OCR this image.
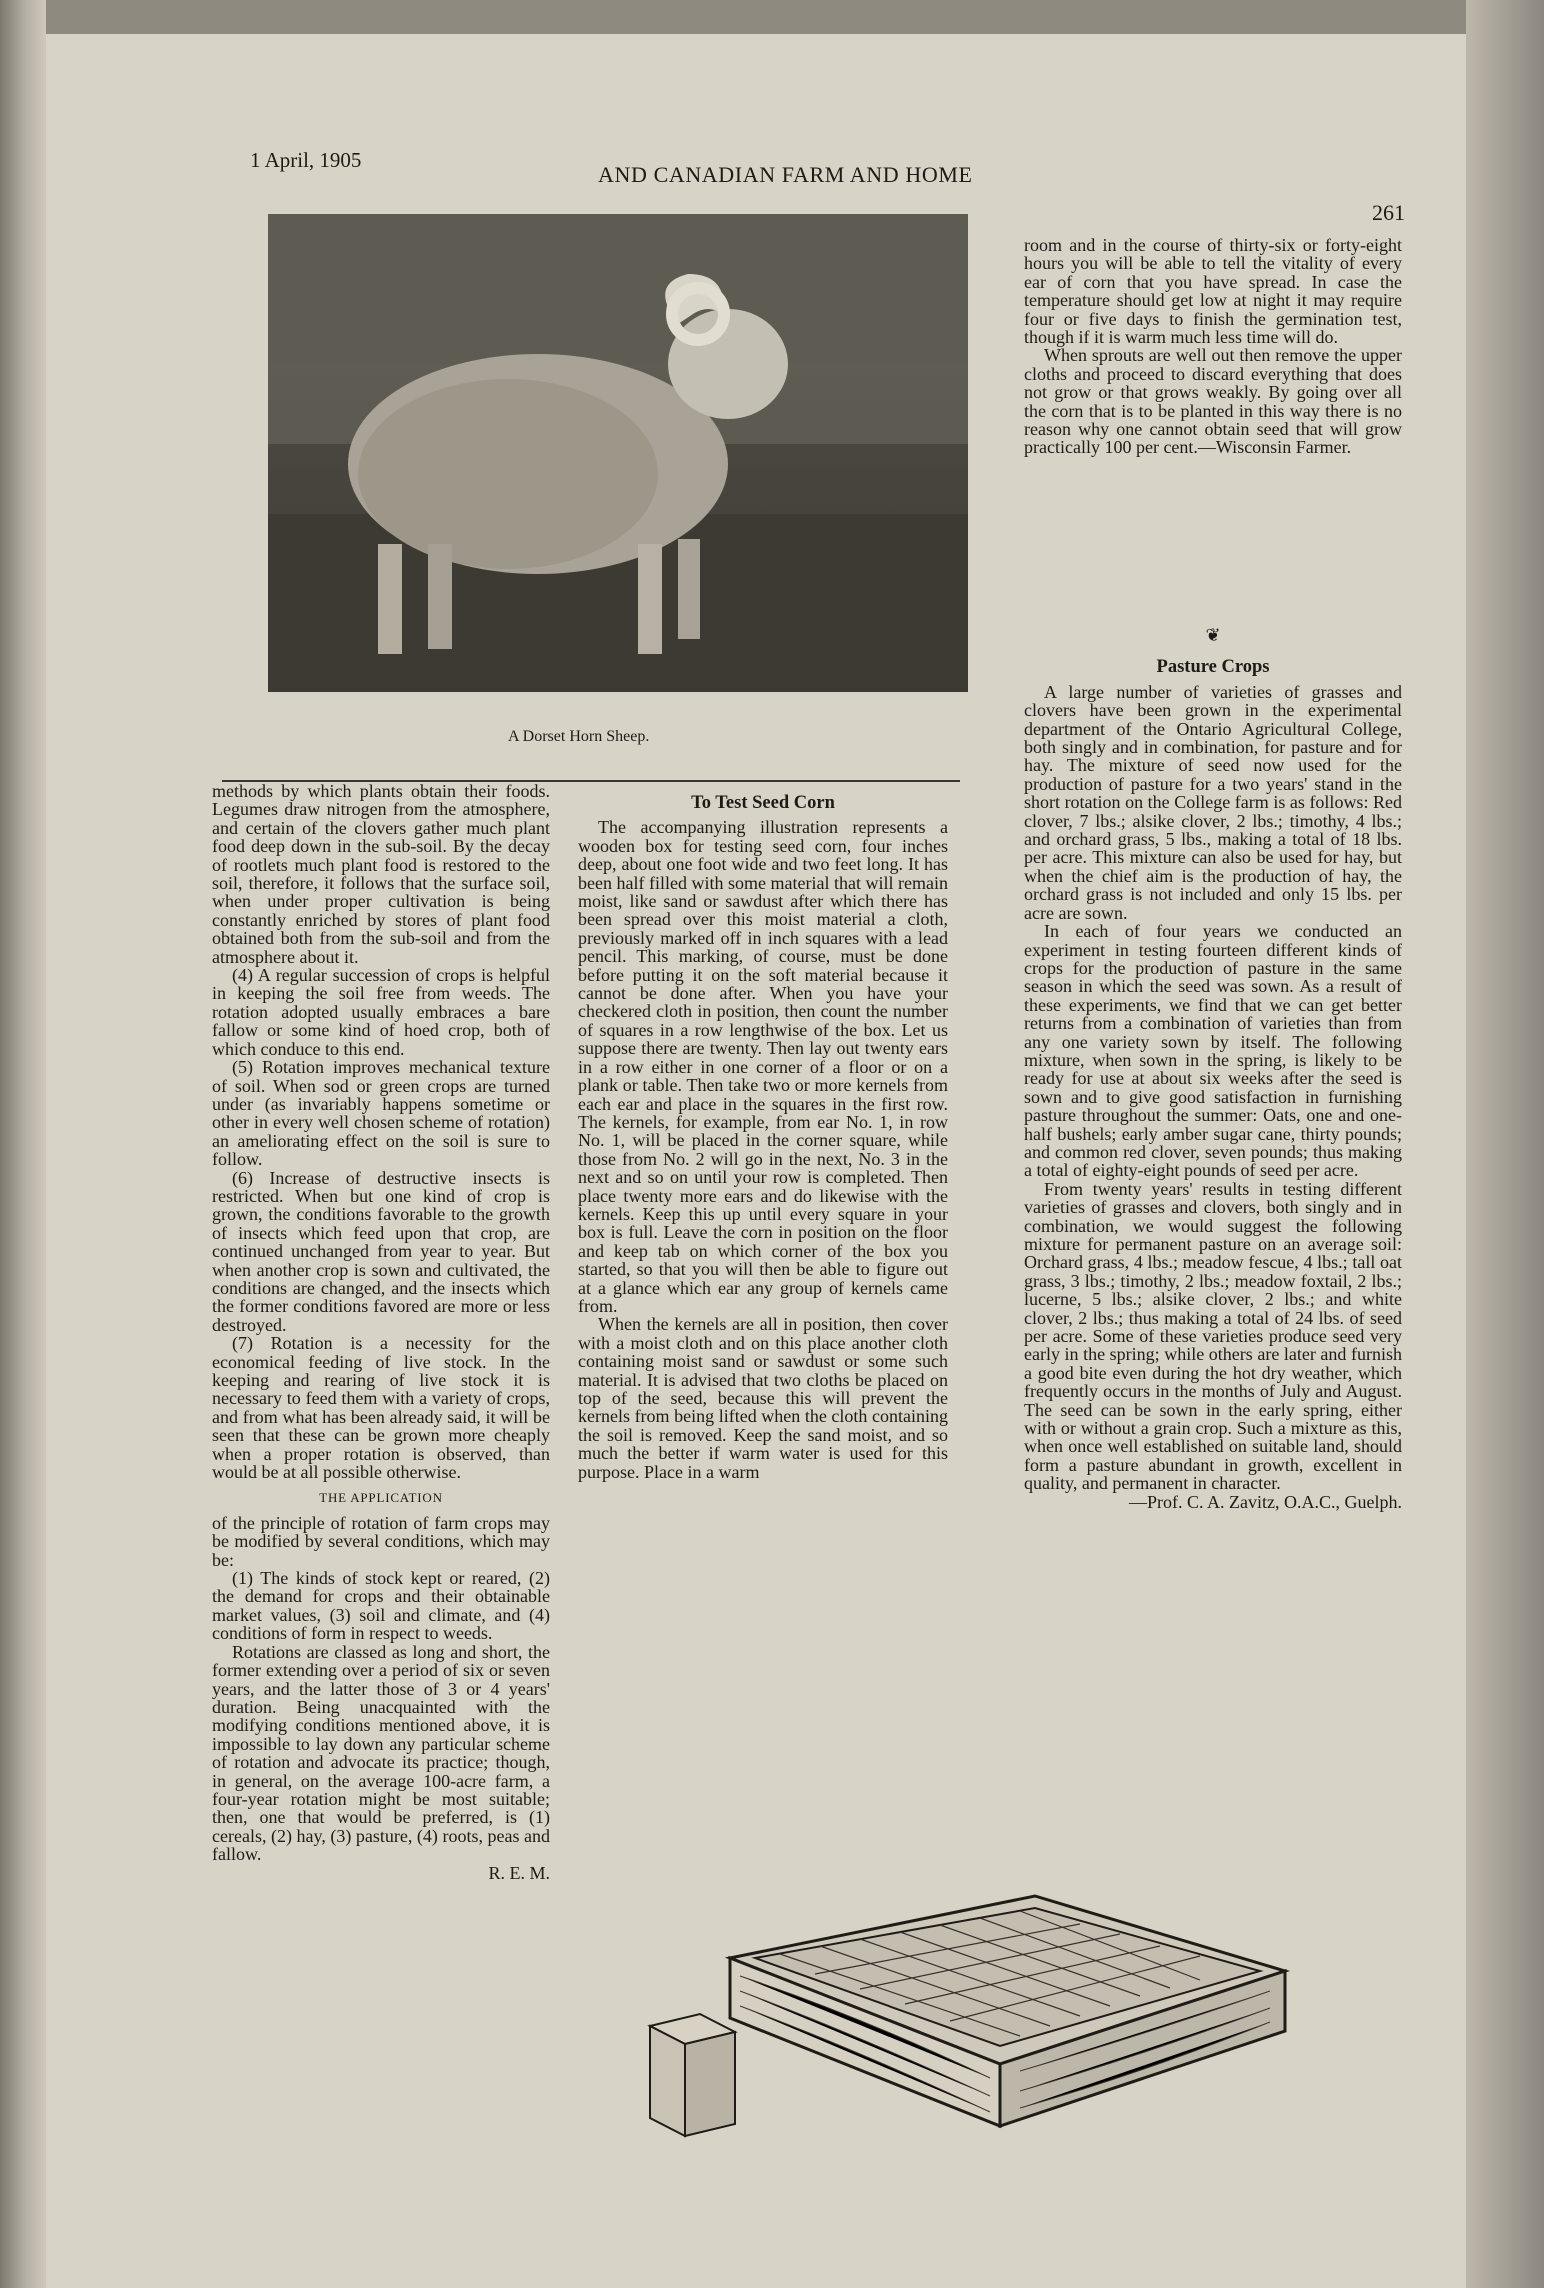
1 April, 1905
AND CANADIAN FARM AND HOME
261
A Dorset Horn Sheep.

methods by which plants obtain their foods. Legumes draw nitrogen from the atmosphere, and certain of the clovers gather much plant food deep down in the sub-soil. By the decay of rootlets much plant food is restored to the soil, therefore, it follows that the surface soil, when under proper cultivation is being constantly enriched by stores of plant food obtained both from the sub-soil and from the atmosphere about it.

(4) A regular succession of crops is helpful in keeping the soil free from weeds. The rotation adopted usually embraces a bare fallow or some kind of hoed crop, both of which conduce to this end.

(5) Rotation improves mechanical texture of soil. When sod or green crops are turned under (as invariably happens sometime or other in every well chosen scheme of rotation) an ameliorating effect on the soil is sure to follow.

(6) Increase of destructive insects is restricted. When but one kind of crop is grown, the conditions favorable to the growth of insects which feed upon that crop, are continued unchanged from year to year. But when another crop is sown and cultivated, the conditions are changed, and the insects which the former conditions favored are more or less destroyed.

(7) Rotation is a necessity for the economical feeding of live stock. In the keeping and rearing of live stock it is necessary to feed them with a variety of crops, and from what has been already said, it will be seen that these can be grown more cheaply when a proper rotation is observed, than would be at all possible otherwise.

THE APPLICATION

of the principle of rotation of farm crops may be modified by several conditions, which may be:

(1) The kinds of stock kept or reared, (2) the demand for crops and their obtainable market values, (3) soil and climate, and (4) conditions of form in respect to weeds.

Rotations are classed as long and short, the former extending over a period of six or seven years, and the latter those of 3 or 4 years' duration. Being unacquainted with the modifying conditions mentioned above, it is impossible to lay down any particular scheme of rotation and advocate its practice; though, in general, on the average 100-acre farm, a four-year rotation might be most suitable; then, one that would be preferred, is (1) cereals, (2) hay, (3) pasture, (4) roots, peas and fallow.

R. E. M.

To Test Seed Corn

The accompanying illustration represents a wooden box for testing seed corn, four inches deep, about one foot wide and two feet long. It has been half filled with some material that will remain moist, like sand or sawdust after which there has been spread over this moist material a cloth, previously marked off in inch squares with a lead pencil. This marking, of course, must be done before putting it on the soft material because it cannot be done after. When you have your checkered cloth in position, then count the number of squares in a row lengthwise of the box. Let us suppose there are twenty. Then lay out twenty ears in a row either in one corner of a floor or on a plank or table. Then take two or more kernels from each ear and place in the squares in the first row. The kernels, for example, from ear No. 1, in row No. 1, will be placed in the corner square, while those from No. 2 will go in the next, No. 3 in the next and so on until your row is completed. Then place twenty more ears and do likewise with the kernels. Keep this up until every square in your box is full. Leave the corn in position on the floor and keep tab on which corner of the box you started, so that you will then be able to figure out at a glance which ear any group of kernels came from.

When the kernels are all in position, then cover with a moist cloth and on this place another cloth containing moist sand or sawdust or some such material. It is advised that two cloths be placed on top of the seed, because this will prevent the kernels from being lifted when the cloth containing the soil is removed. Keep the sand moist, and so much the better if warm water is used for this purpose. Place in a warm

room and in the course of thirty-six or forty-eight hours you will be able to tell the vitality of every ear of corn that you have spread. In case the temperature should get low at night it may require four or five days to finish the germination test, though if it is warm much less time will do.

When sprouts are well out then remove the upper cloths and proceed to discard everything that does not grow or that grows weakly. By going over all the corn that is to be planted in this way there is no reason why one cannot obtain seed that will grow practically 100 per cent.—Wisconsin Farmer.

❦
Pasture Crops

A large number of varieties of grasses and clovers have been grown in the experimental department of the Ontario Agricultural College, both singly and in combination, for pasture and for hay. The mixture of seed now used for the production of pasture for a two years' stand in the short rotation on the College farm is as follows: Red clover, 7 lbs.; alsike clover, 2 lbs.; timothy, 4 lbs.; and orchard grass, 5 lbs., making a total of 18 lbs. per acre. This mixture can also be used for hay, but when the chief aim is the production of hay, the orchard grass is not included and only 15 lbs. per acre are sown.

In each of four years we conducted an experiment in testing fourteen different kinds of crops for the production of pasture in the same season in which the seed was sown. As a result of these experiments, we find that we can get better returns from a combination of varieties than from any one variety sown by itself. The following mixture, when sown in the spring, is likely to be ready for use at about six weeks after the seed is sown and to give good satisfaction in furnishing pasture throughout the summer: Oats, one and one-half bushels; early amber sugar cane, thirty pounds; and common red clover, seven pounds; thus making a total of eighty-eight pounds of seed per acre.

From twenty years' results in testing different varieties of grasses and clovers, both singly and in combination, we would suggest the following mixture for permanent pasture on an average soil: Orchard grass, 4 lbs.; meadow fescue, 4 lbs.; tall oat grass, 3 lbs.; timothy, 2 lbs.; meadow foxtail, 2 lbs.; lucerne, 5 lbs.; alsike clover, 2 lbs.; and white clover, 2 lbs.; thus making a total of 24 lbs. of seed per acre. Some of these varieties produce seed very early in the spring; while others are later and furnish a good bite even during the hot dry weather, which frequently occurs in the months of July and August. The seed can be sown in the early spring, either with or without a grain crop. Such a mixture as this, when once well established on suitable land, should form a pasture abundant in growth, excellent in quality, and permanent in character.

—Prof. C. A. Zavitz, O.A.C., Guelph.
